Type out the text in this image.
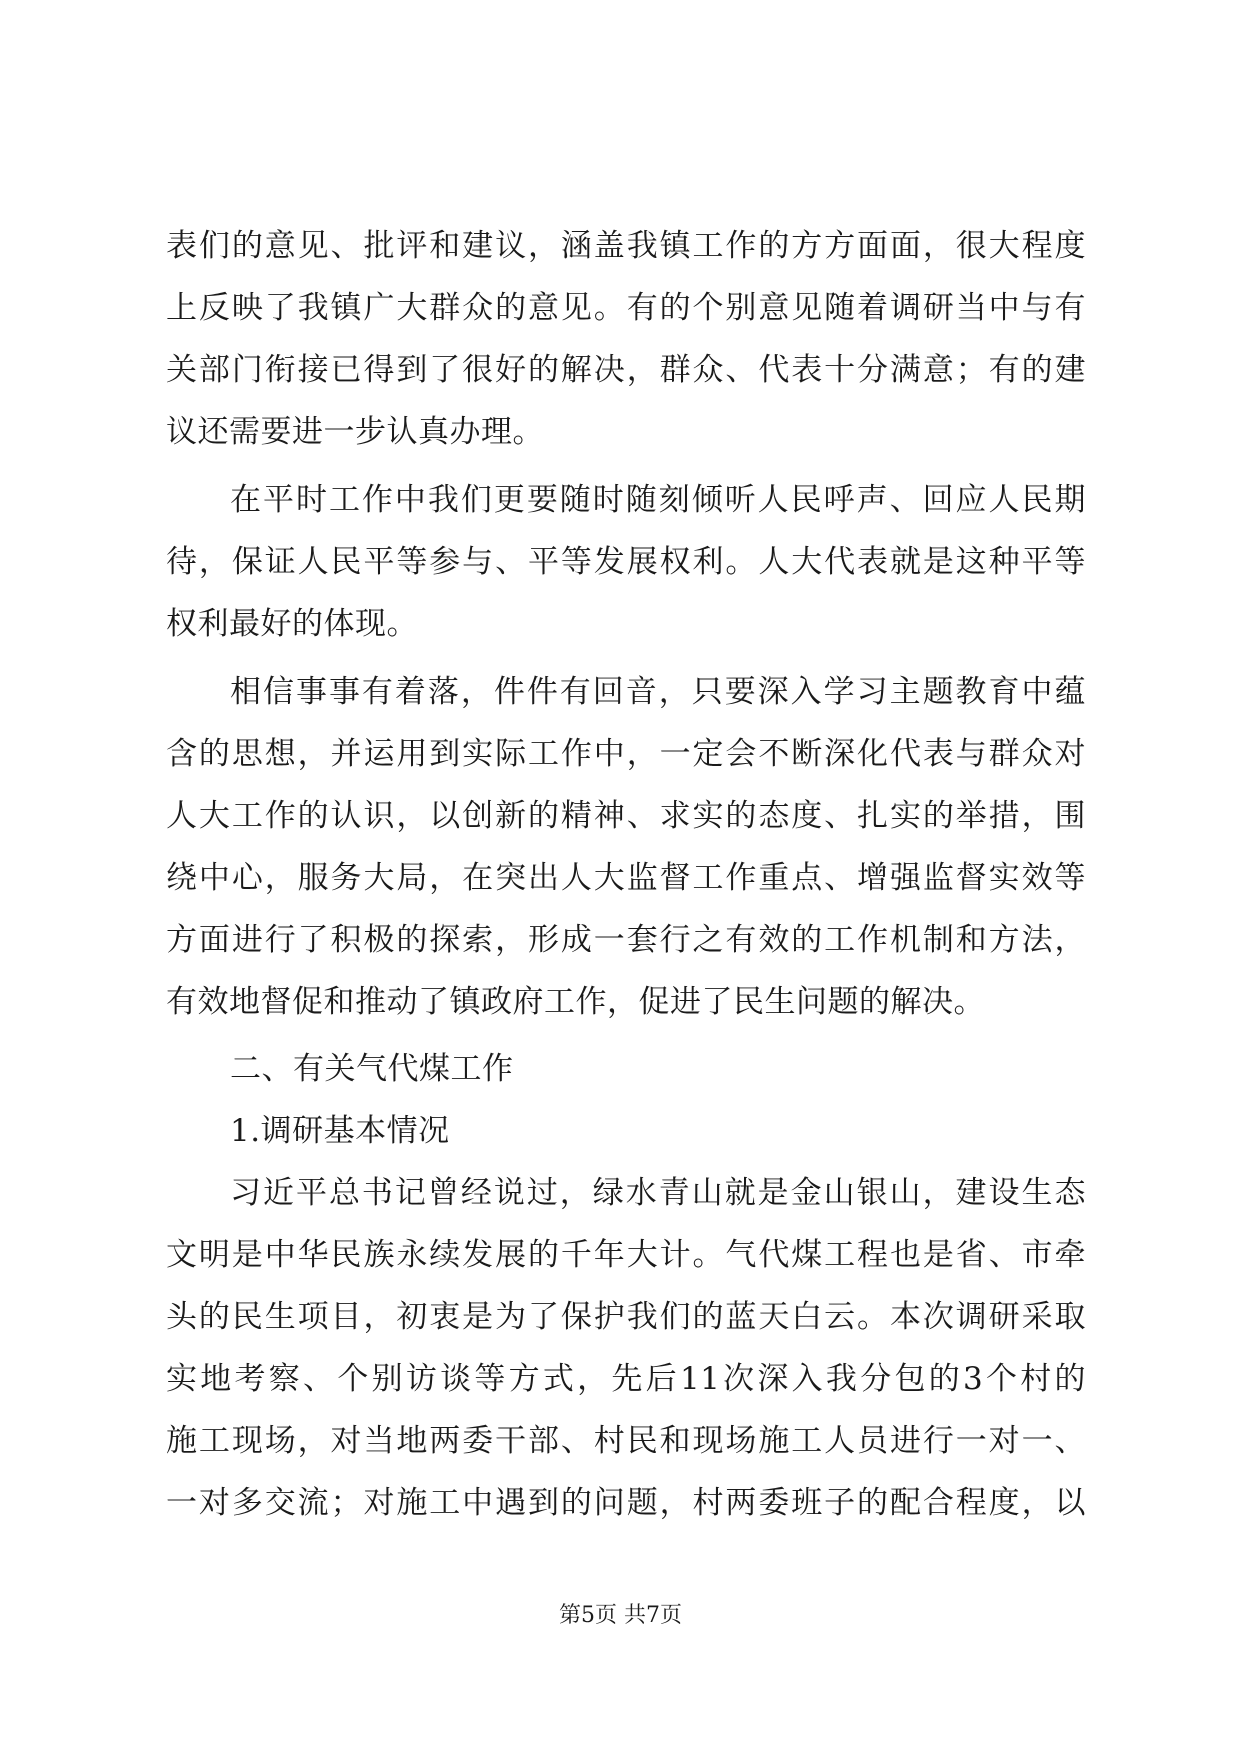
表们的意见、批评和建议，涵盖我镇工作的方方面面，很大程度
上反映了我镇广大群众的意见。有的个别意见随着调研当中与有
关部门衔接已得到了很好的解决，群众、代表十分满意；有的建
议还需要进一步认真办理。
在平时工作中我们更要随时随刻倾听人民呼声、回应人民期
待，保证人民平等参与、平等发展权利。人大代表就是这种平等
权利最好的体现。
相信事事有着落，件件有回音，只要深入学习主题教育中蕴
含的思想，并运用到实际工作中，一定会不断深化代表与群众对
人大工作的认识，以创新的精神、求实的态度、扎实的举措，围
绕中心，服务大局，在突出人大监督工作重点、增强监督实效等
方面进行了积极的探索，形成一套行之有效的工作机制和方法，
有效地督促和推动了镇政府工作，促进了民生问题的解决。
二、有关气代煤工作
1.调研基本情况
习近平总书记曾经说过，绿水青山就是金山银山，建设生态
文明是中华民族永续发展的千年大计。气代煤工程也是省、市牵
头的民生项目，初衷是为了保护我们的蓝天白云。本次调研采取
实地考察、个别访谈等方式，先后11次深入我分包的3个村的
施工现场，对当地两委干部、村民和现场施工人员进行一对一、
一对多交流；对施工中遇到的问题，村两委班子的配合程度，以
第5页 共7页
